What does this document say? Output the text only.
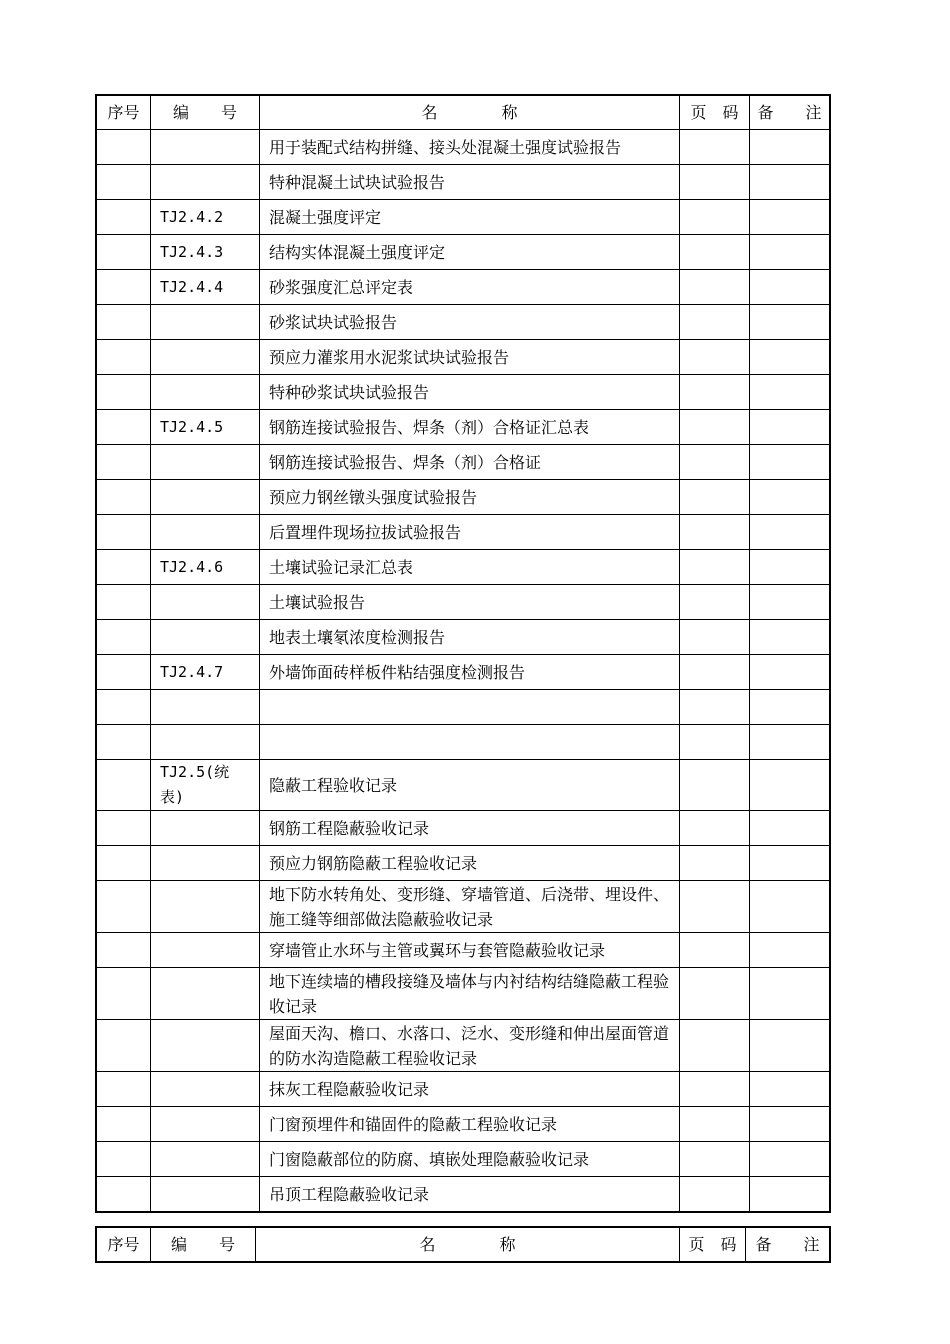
序号	编　　号	名　　　　称	页　码	备　　注
		用于装配式结构拼缝、接头处混凝土强度试验报告		
		特种混凝土试块试验报告		
	TJ2.4.2	混凝土强度评定		
	TJ2.4.3	结构实体混凝土强度评定		
	TJ2.4.4	砂浆强度汇总评定表		
		砂浆试块试验报告		
		预应力灌浆用水泥浆试块试验报告		
		特种砂浆试块试验报告		
	TJ2.4.5	钢筋连接试验报告、焊条（剂）合格证汇总表		
		钢筋连接试验报告、焊条（剂）合格证		
		预应力钢丝镦头强度试验报告		
		后置埋件现场拉拔试验报告		
	TJ2.4.6	土壤试验记录汇总表		
		土壤试验报告		
		地表土壤氡浓度检测报告		
	TJ2.4.7	外墙饰面砖样板件粘结强度检测报告		

	TJ2.5(统表)	隐蔽工程验收记录		
		钢筋工程隐蔽验收记录		
		预应力钢筋隐蔽工程验收记录		
		地下防水转角处、变形缝、穿墙管道、后浇带、埋设件、施工缝等细部做法隐蔽验收记录		
		穿墙管止水环与主管或翼环与套管隐蔽验收记录		
		地下连续墙的槽段接缝及墙体与内衬结构结缝隐蔽工程验收记录		
		屋面天沟、檐口、水落口、泛水、变形缝和伸出屋面管道的防水沟造隐蔽工程验收记录		
		抹灰工程隐蔽验收记录		
		门窗预埋件和锚固件的隐蔽工程验收记录		
		门窗隐蔽部位的防腐、填嵌处理隐蔽验收记录		
		吊顶工程隐蔽验收记录		
序号	编　　号	名　　　　称	页　码	备　　注
